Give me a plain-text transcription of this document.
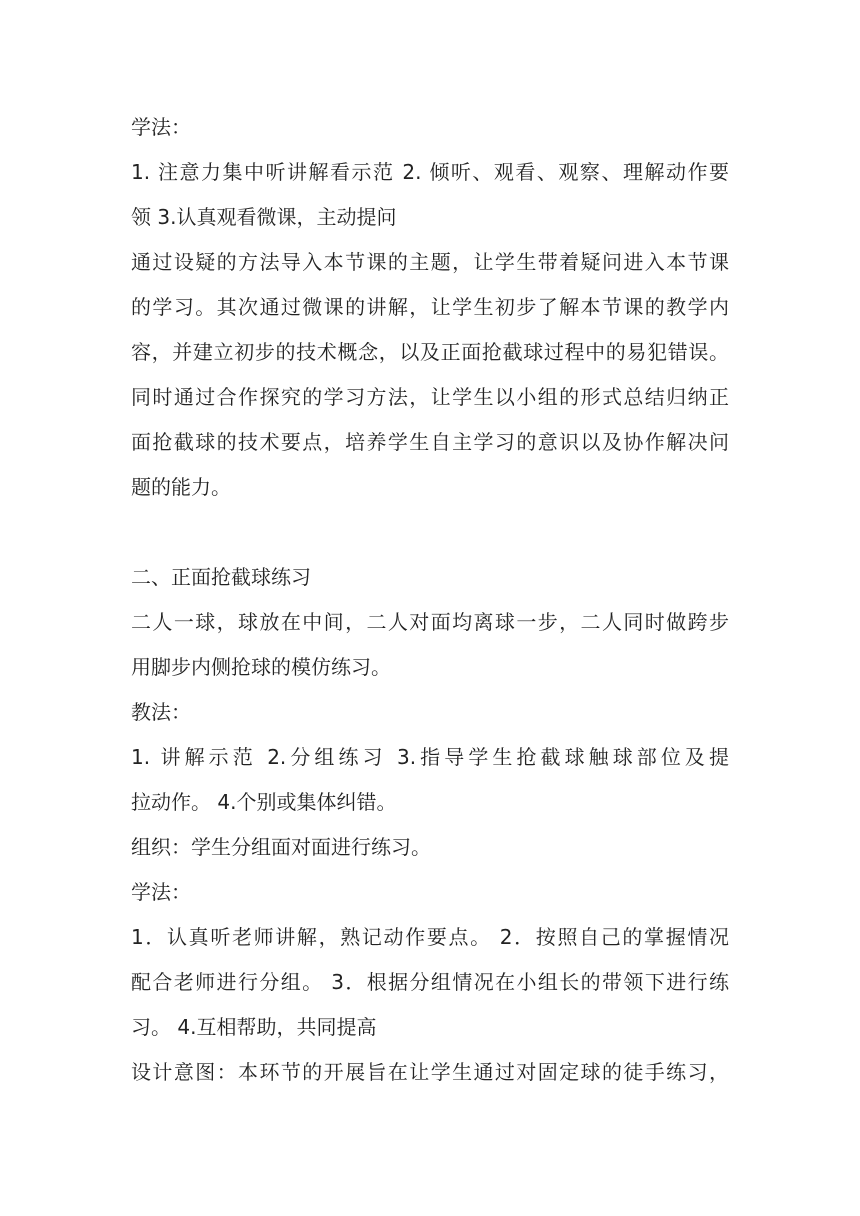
学法：
1. 注意力集中听讲解看示范 2. 倾听、观看、观察、理解动作要
领 3.认真观看微课，主动提问
通过设疑的方法导入本节课的主题，让学生带着疑问进入本节课
的学习。其次通过微课的讲解，让学生初步了解本节课的教学内
容，并建立初步的技术概念，以及正面抢截球过程中的易犯错误。
同时通过合作探究的学习方法，让学生以小组的形式总结归纳正
面抢截球的技术要点，培养学生自主学习的意识以及协作解决问
题的能力。
二、正面抢截球练习
二人一球，球放在中间，二人对面均离球一步，二人同时做跨步
用脚步内侧抢球的模仿练习。
教法：
1. 讲解示范 2.分组练习 3.指导学生抢截球触球部位及提
拉动作。 4.个别或集体纠错。
组织：学生分组面对面进行练习。
学法：
1．认真听老师讲解，熟记动作要点。 2．按照自己的掌握情况
配合老师进行分组。 3．根据分组情况在小组长的带领下进行练
习。 4.互相帮助，共同提高
设计意图：本环节的开展旨在让学生通过对固定球的徒手练习，
